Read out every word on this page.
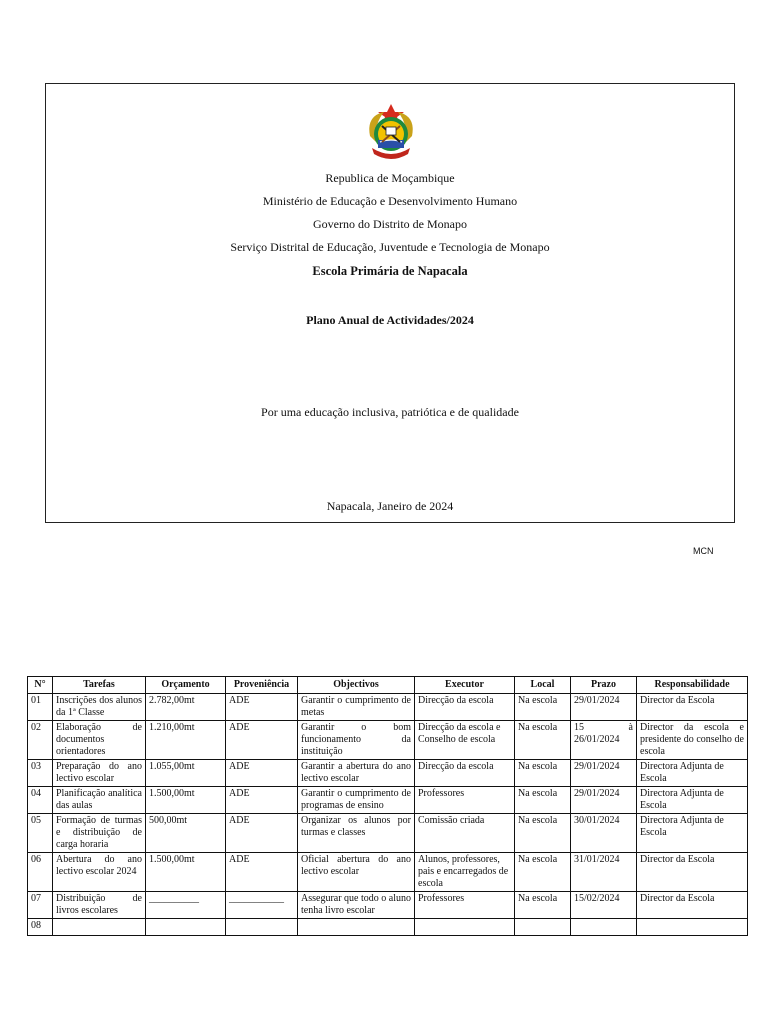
Republica de Moçambique
Ministério de Educação e Desenvolvimento Humano
Governo do Distrito de Monapo
Serviço Distrital de Educação, Juventude e Tecnologia de Monapo
Escola Primária de Napacala
Plano Anual de Actividades/2024
Por uma educação inclusiva, patriótica e de qualidade
Napacala, Janeiro de 2024
MCN
N°	Tarefas	Orçamento	Proveniência	Objectivos	Executor	Local	Prazo	Responsabilidade
01	Inscrições dos alunos da 1ª Classe	2.782,00mt	ADE	Garantir o cumprimento de metas	Direcção da escola	Na escola	29/01/2024	Director da Escola
02	Elaboração de documentos orientadores	1.210,00mt	ADE	Garantir o bom funcionamento da instituição	Direcção da escola e Conselho de escola	Na escola	15 à 26/01/2024	Director da escola e presidente do conselho de escola
03	Preparação do ano lectivo escolar	1.055,00mt	ADE	Garantir a abertura do ano lectivo escolar	Direcção da escola	Na escola	29/01/2024	Directora Adjunta de Escola
04	Planificação analítica das aulas	1.500,00mt	ADE	Garantir o cumprimento de programas de ensino	Professores	Na escola	29/01/2024	Directora Adjunta de Escola
05	Formação de turmas e distribuição de carga horaria	500,00mt	ADE	Organizar os alunos por turmas e classes	Comissão criada	Na escola	30/01/2024	Directora Adjunta de Escola
06	Abertura do ano lectivo escolar 2024	1.500,00mt	ADE	Oficial abertura do ano lectivo escolar	Alunos, professores, pais e encarregados de escola	Na escola	31/01/2024	Director da Escola
07	Distribuição de livros escolares	__________	___________	Assegurar que todo o aluno tenha livro escolar	Professores	Na escola	15/02/2024	Director da Escola
08								
